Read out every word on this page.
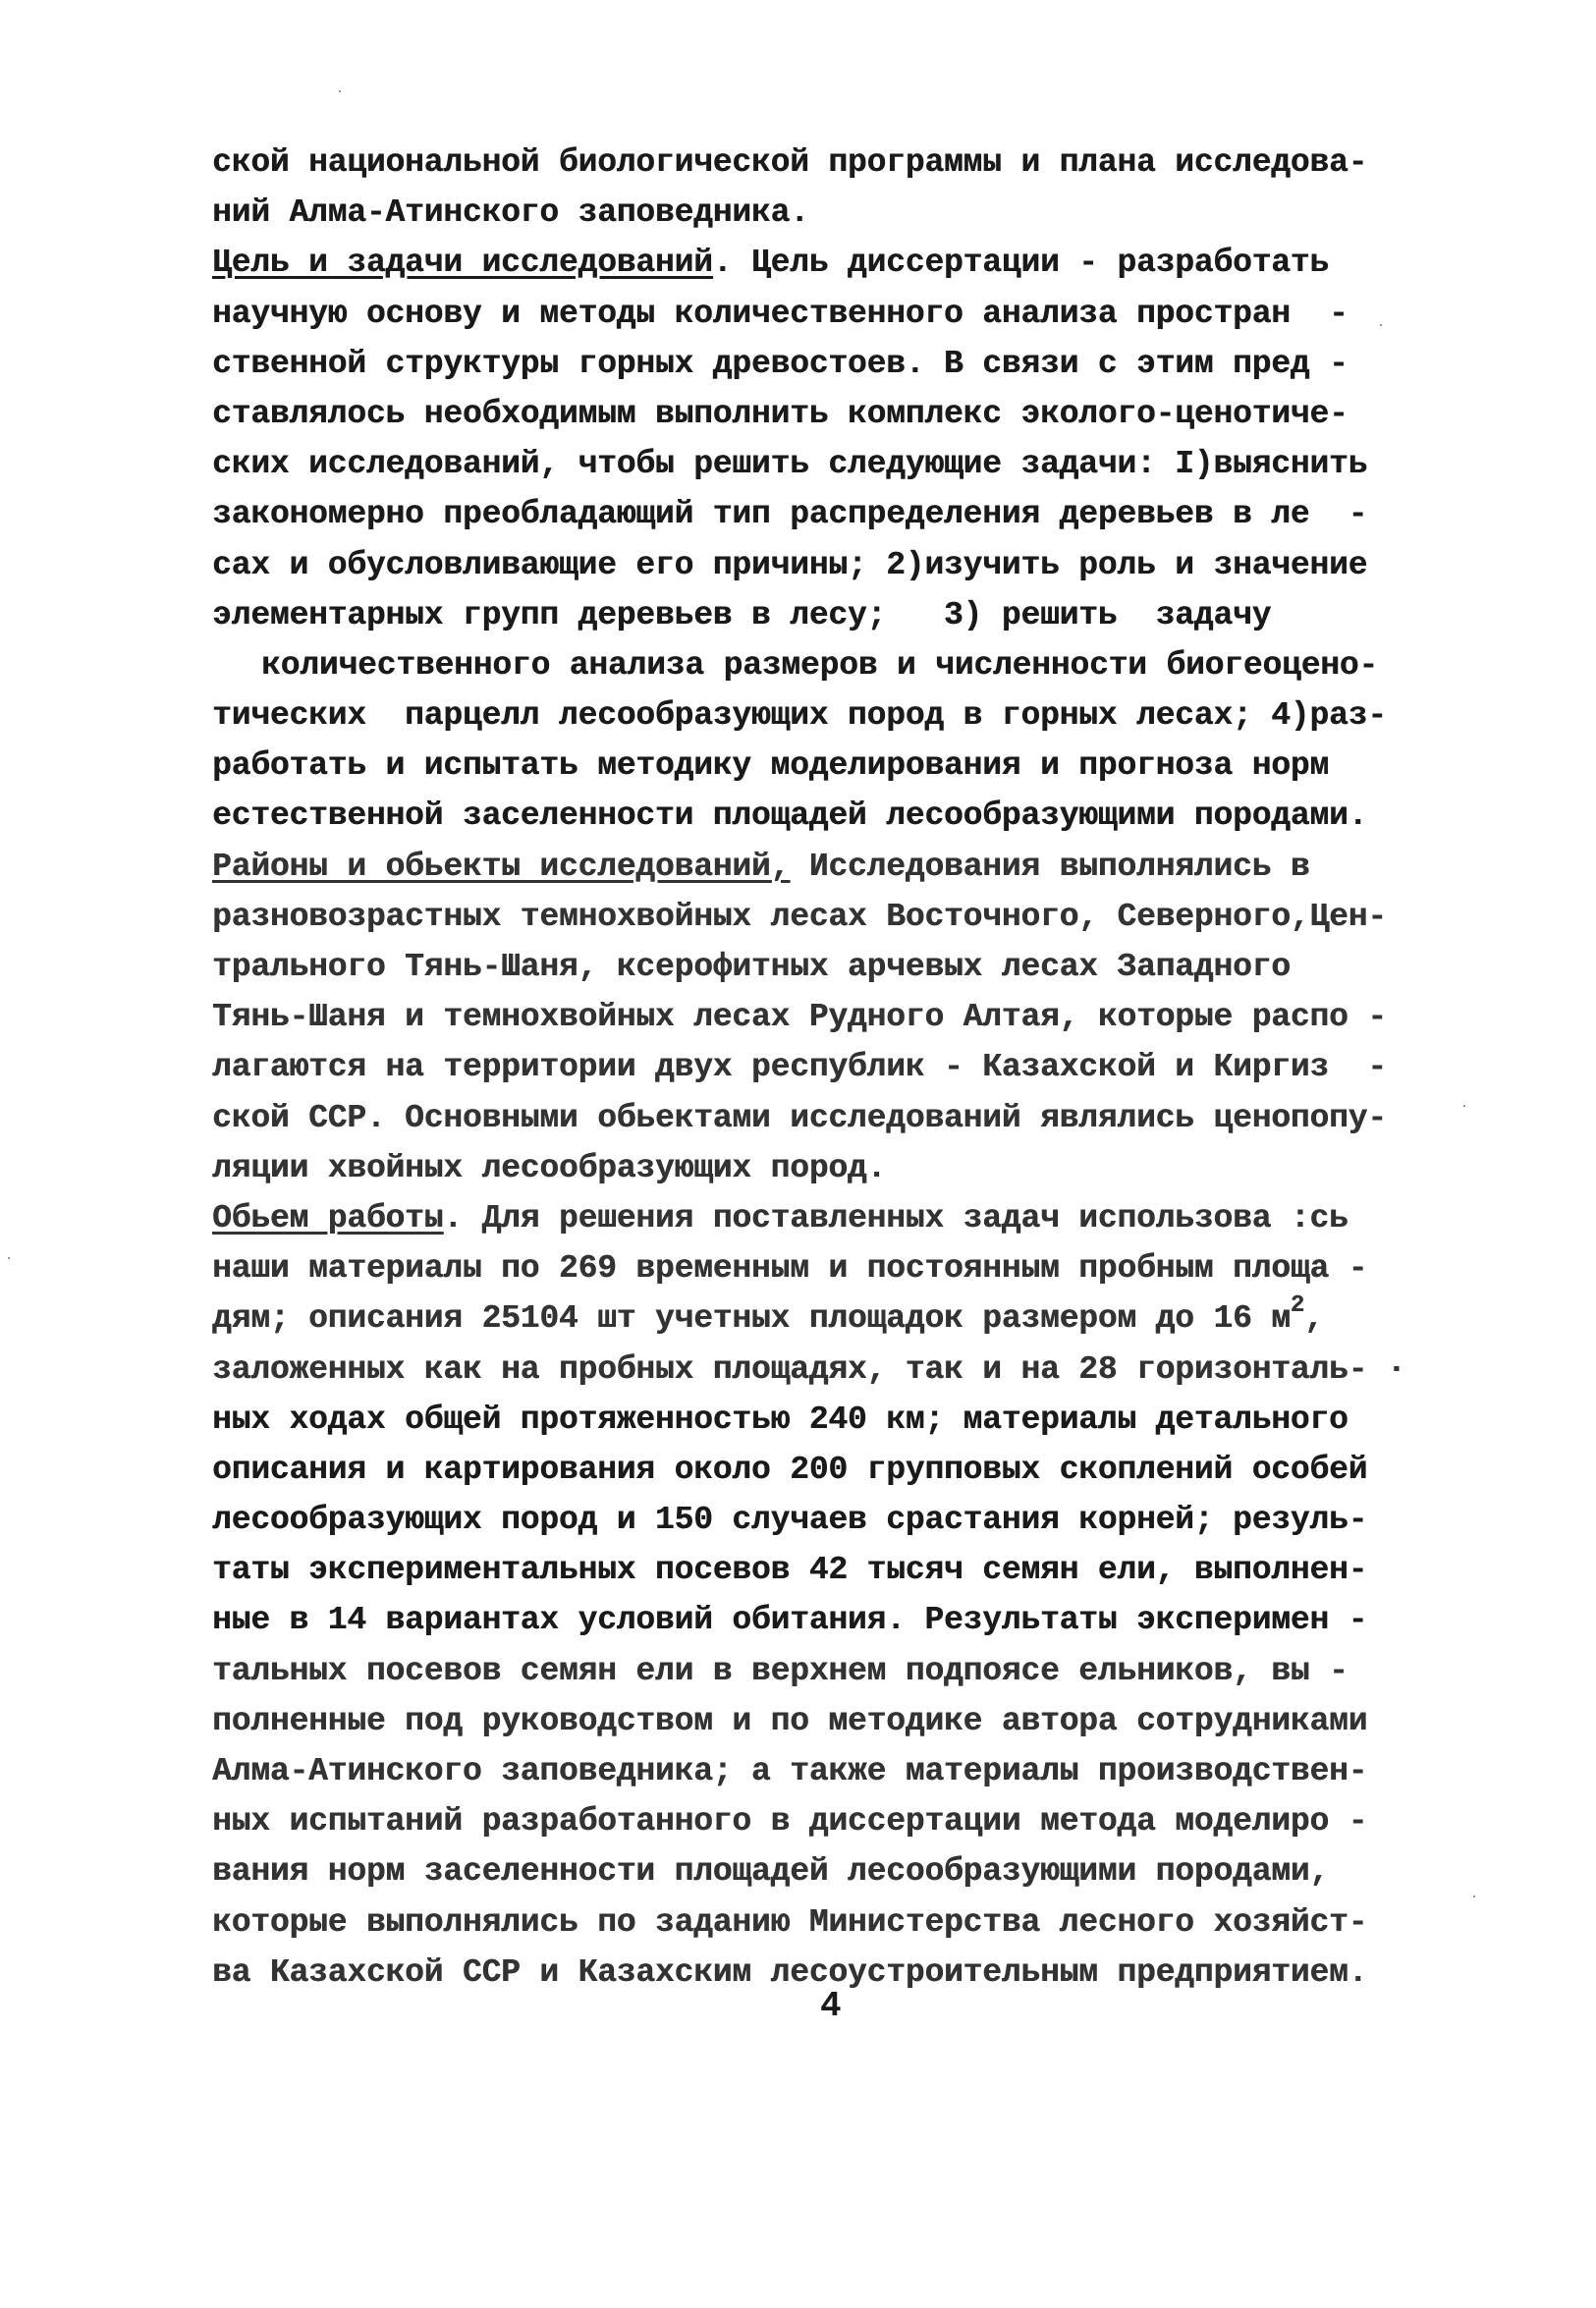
ской национальной биологической программы и плана исследова-
ний Алма-Атинского заповедника.
Цель и задачи исследований. Цель диссертации - разработать
научную основу и методы количественного анализа простран  -
ственной структуры горных древостоев. В связи с этим пред -
ставлялось необходимым выполнить комплекс эколого-ценотиче-
ских исследований, чтобы решить следующие задачи: I)выяснить
закономерно преобладающий тип распределения деревьев в ле  -
сах и обусловливающие его причины; 2)изучить роль и значение
элементарных групп деревьев в лесу;   3) решить  задачу
количественного анализа размеров и численности биогеоцено-
тических  парцелл лесообразующих пород в горных лесах; 4)раз-
работать и испытать методику моделирования и прогноза норм
естественной заселенности площадей лесообразующими породами.
Районы и обьекты исследований, Исследования выполнялись в
разновозрастных темнохвойных лесах Восточного, Северного,Цен-
трального Тянь-Шаня, ксерофитных арчевых лесах Западного
Тянь-Шаня и темнохвойных лесах Рудного Алтая, которые распо -
лагаются на территории двух республик - Казахской и Киргиз  -
ской ССР. Основными обьектами исследований являлись ценопопу-
ляции хвойных лесообразующих пород.
Обьем работы. Для решения поставленных задач использова :сь
наши материалы по 269 временным и постоянным пробным площа -
дям; описания 25104 шт учетных площадок размером до 16 $м^2$,
заложенных как на пробных площадях, так и на 28 горизонталь- ·
ных ходах общей протяженностью 240 км; материалы детального
описания и картирования около 200 групповых скоплений особей
лесообразующих пород и 150 случаев срастания корней; резуль-
таты экспериментальных посевов 42 тысяч семян ели, выполнен-
ные в 14 вариантах условий обитания. Результаты эксперимен -
тальных посевов семян ели в верхнем подпоясе ельников, вы -
полненные под руководством и по методике автора сотрудниками
Алма-Атинского заповедника; а также материалы производствен-
ных испытаний разработанного в диссертации метода моделиро -
вания норм заселенности площадей лесообразующими породами,
которые выполнялись по заданию Министерства лесного хозяйст-
ва Казахской ССР и Казахским лесоустроительным предприятием.
4
